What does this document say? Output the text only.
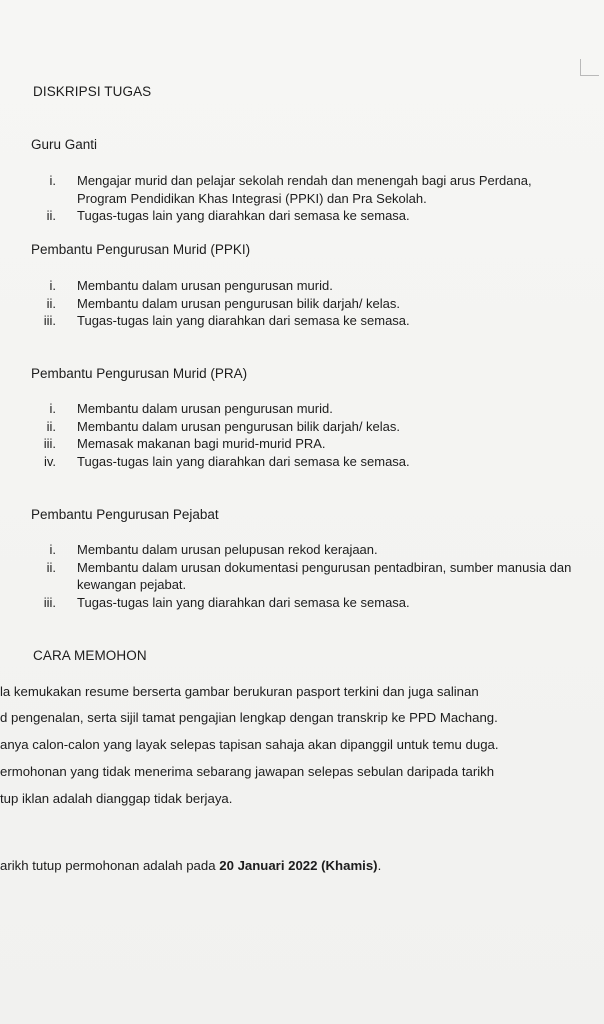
DISKRIPSI TUGAS
Guru Ganti
i. Mengajar murid dan pelajar sekolah rendah dan menengah bagi arus Perdana, Program Pendidikan Khas Integrasi (PPKI) dan Pra Sekolah.
ii. Tugas-tugas lain yang diarahkan dari semasa ke semasa.
Pembantu Pengurusan Murid (PPKI)
i. Membantu dalam urusan pengurusan murid.
ii. Membantu dalam urusan pengurusan bilik darjah/ kelas.
iii. Tugas-tugas lain yang diarahkan dari semasa ke semasa.
Pembantu Pengurusan Murid (PRA)
i. Membantu dalam urusan pengurusan murid.
ii. Membantu dalam urusan pengurusan bilik darjah/ kelas.
iii. Memasak makanan bagi murid-murid PRA.
iv. Tugas-tugas lain yang diarahkan dari semasa ke semasa.
Pembantu Pengurusan Pejabat
i. Membantu dalam urusan pelupusan rekod kerajaan.
ii. Membantu dalam urusan dokumentasi pengurusan pentadbiran, sumber manusia dan kewangan pejabat.
iii. Tugas-tugas lain yang diarahkan dari semasa ke semasa.
CARA MEMOHON
la kemukakan resume berserta gambar berukuran pasport terkini dan juga salinan
d pengenalan, serta sijil tamat pengajian lengkap dengan transkrip ke PPD Machang.
anya calon-calon yang layak selepas tapisan sahaja akan dipanggil untuk temu duga.
ermohonan yang tidak menerima sebarang jawapan selepas sebulan daripada tarikh
tup iklan adalah dianggap tidak berjaya.
arikh tutup permohonan adalah pada 20 Januari 2022 (Khamis).
